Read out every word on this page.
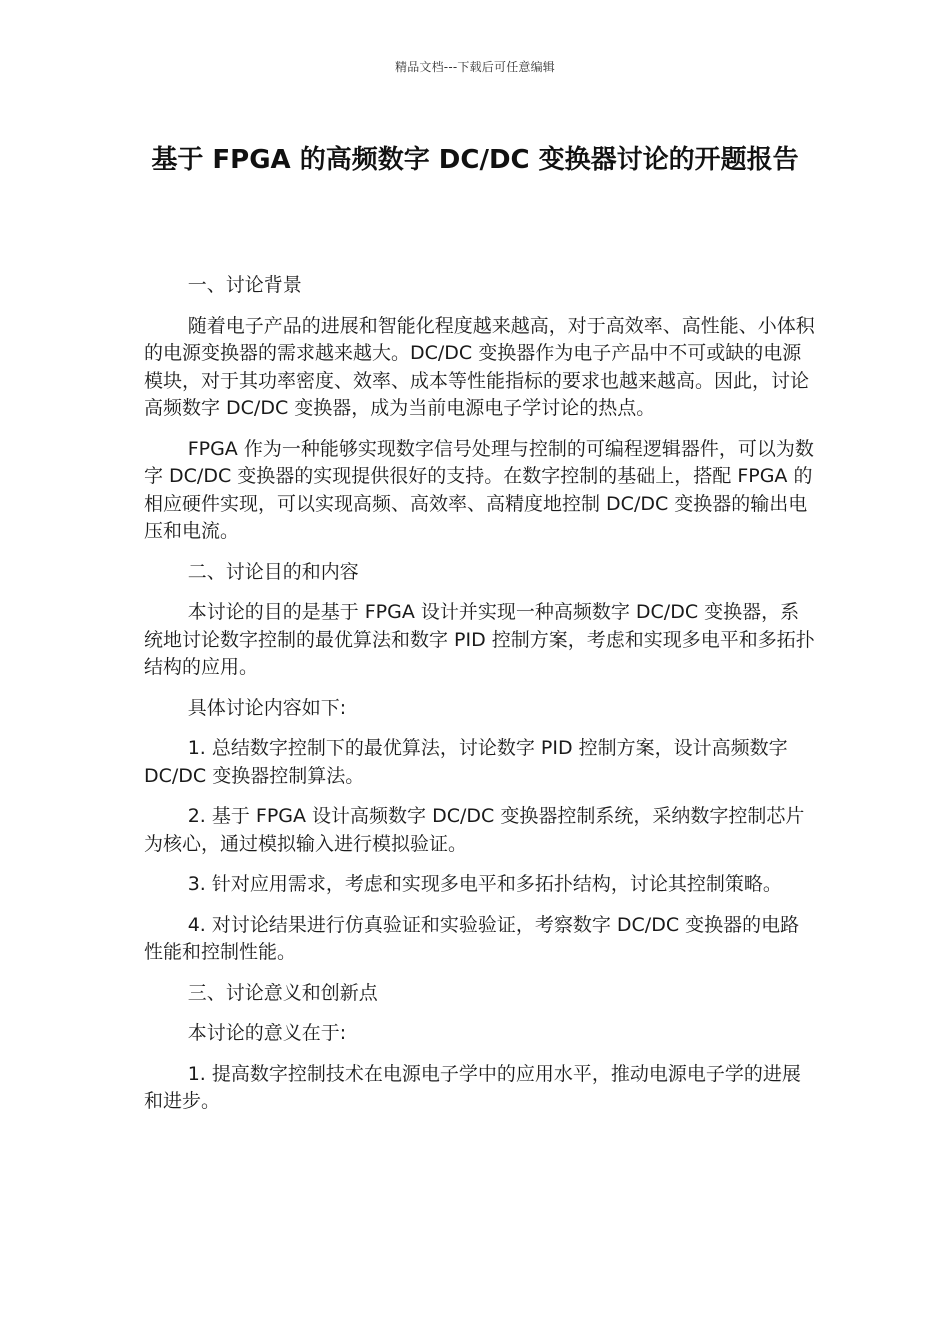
精品文档---下载后可任意编辑
基于 FPGA 的高频数字 DC/DC 变换器讨论的开题报告

一、讨论背景

随着电子产品的进展和智能化程度越来越高，对于高效率、高性能、小体积的电源变换器的需求越来越大。DC/DC 变换器作为电子产品中不可或缺的电源模块，对于其功率密度、效率、成本等性能指标的要求也越来越高。因此，讨论高频数字 DC/DC 变换器，成为当前电源电子学讨论的热点。

FPGA 作为一种能够实现数字信号处理与控制的可编程逻辑器件，可以为数字 DC/DC 变换器的实现提供很好的支持。在数字控制的基础上，搭配 FPGA 的相应硬件实现，可以实现高频、高效率、高精度地控制 DC/DC 变换器的输出电压和电流。

二、讨论目的和内容

本讨论的目的是基于 FPGA 设计并实现一种高频数字 DC/DC 变换器，系统地讨论数字控制的最优算法和数字 PID 控制方案，考虑和实现多电平和多拓扑结构的应用。

具体讨论内容如下:

1. 总结数字控制下的最优算法，讨论数字 PID 控制方案，设计高频数字 DC/DC 变换器控制算法。

2. 基于 FPGA 设计高频数字 DC/DC 变换器控制系统，采纳数字控制芯片为核心，通过模拟输入进行模拟验证。

3. 针对应用需求，考虑和实现多电平和多拓扑结构，讨论其控制策略。

4. 对讨论结果进行仿真验证和实验验证，考察数字 DC/DC 变换器的电路性能和控制性能。

三、讨论意义和创新点

本讨论的意义在于:

1. 提高数字控制技术在电源电子学中的应用水平，推动电源电子学的进展和进步。
